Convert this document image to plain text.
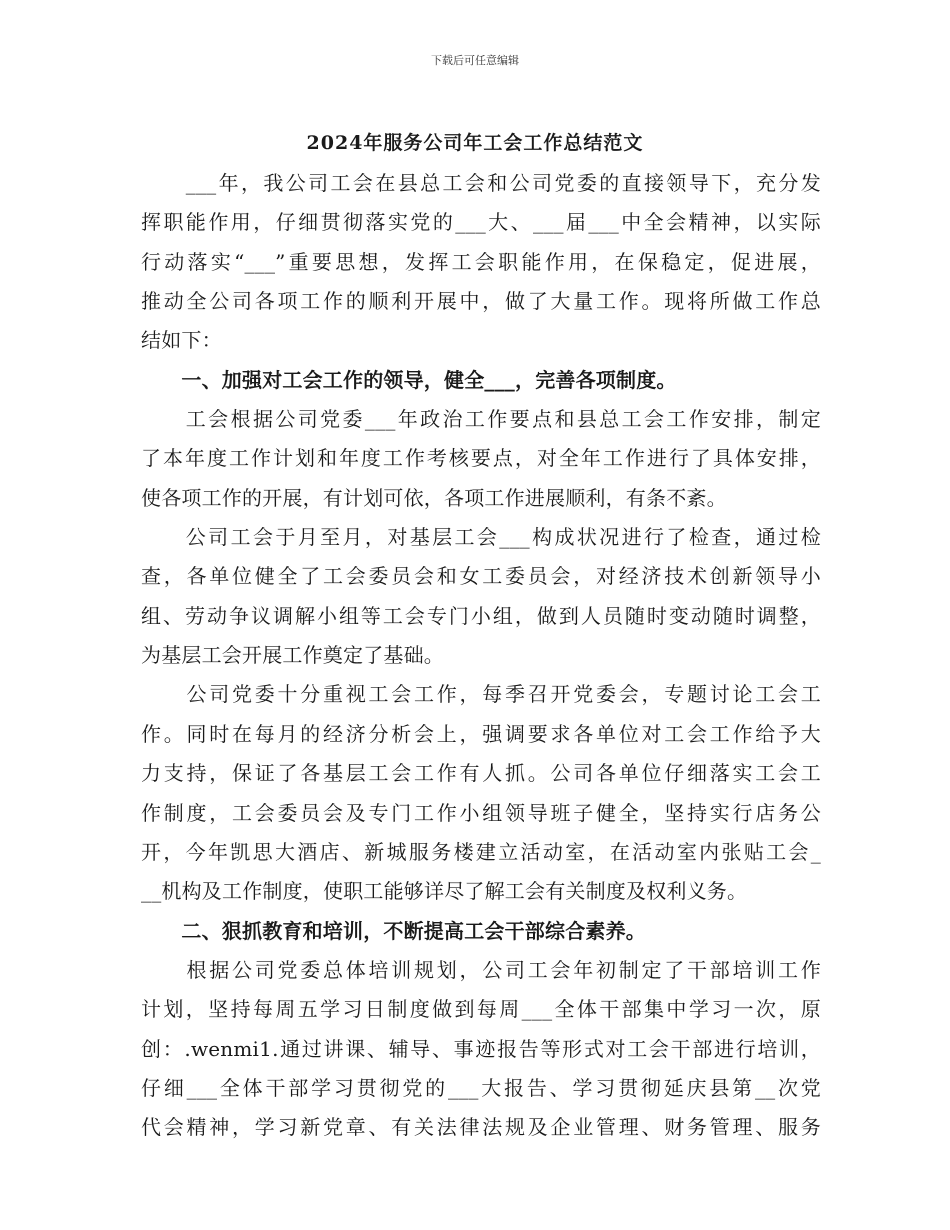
下载后可任意编辑
2024年服务公司年工会工作总结范文
　　___年，我公司工会在县总工会和公司党委的直接领导下，充分发
挥职能作用，仔细贯彻落实党的___大、___届___中全会精神，以实际
行动落实“___”重要思想，发挥工会职能作用，在保稳定，促进展，
推动全公司各项工作的顺利开展中，做了大量工作。现将所做工作总
结如下：
　　一、加强对工会工作的领导，健全___，完善各项制度。
　　工会根据公司党委___年政治工作要点和县总工会工作安排，制定
了本年度工作计划和年度工作考核要点，对全年工作进行了具体安排，
使各项工作的开展，有计划可依，各项工作进展顺利，有条不紊。
　　公司工会于月至月，对基层工会___构成状况进行了检查，通过检
查，各单位健全了工会委员会和女工委员会，对经济技术创新领导小
组、劳动争议调解小组等工会专门小组，做到人员随时变动随时调整，
为基层工会开展工作奠定了基础。
　　公司党委十分重视工会工作，每季召开党委会，专题讨论工会工
作。同时在每月的经济分析会上，强调要求各单位对工会工作给予大
力支持，保证了各基层工会工作有人抓。公司各单位仔细落实工会工
作制度，工会委员会及专门工作小组领导班子健全，坚持实行店务公
开，今年凯思大酒店、新城服务楼建立活动室，在活动室内张贴工会_
__机构及工作制度，使职工能够详尽了解工会有关制度及权利义务。
　　二、狠抓教育和培训，不断提高工会干部综合素养。
　　根据公司党委总体培训规划，公司工会年初制定了干部培训工作
计划，坚持每周五学习日制度做到每周___全体干部集中学习一次，原
创：.wenmi1.通过讲课、辅导、事迹报告等形式对工会干部进行培训，
仔细___全体干部学习贯彻党的___大报告、学习贯彻延庆县第__次党
代会精神，学习新党章、有关法律法规及企业管理、财务管理、服务
